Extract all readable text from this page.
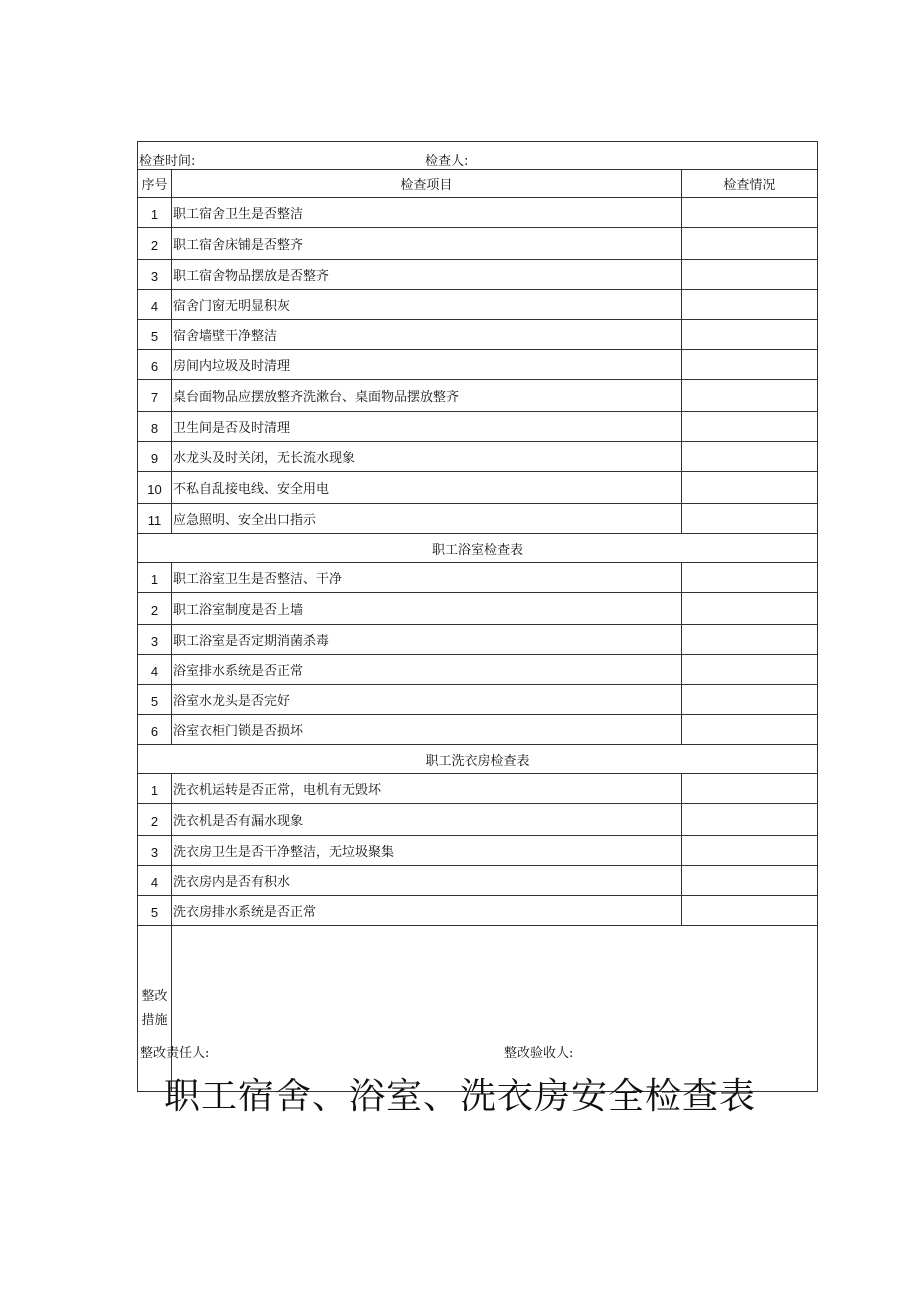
检查时间: 检查人:		

序号	检查项目	检查情况
1	职工宿舍卫生是否整洁	
2	职工宿舍床铺是否整齐	
3	职工宿舍物品摆放是否整齐	
4	宿舍门窗无明显积灰	
5	宿舍墙壁干净整洁	
6	房间内垃圾及时清理	
7	桌台面物品应摆放整齐洗漱台、桌面物品摆放整齐	
8	卫生间是否及时清理	
9	水龙头及时关闭，无长流水现象	
10	不私自乱接电线、安全用电	
11	应急照明、安全出口指示	
职工浴室检查表		
1	职工浴室卫生是否整洁、干净	
2	职工浴室制度是否上墙	
3	职工浴室是否定期消菌杀毒	
4	浴室排水系统是否正常	
5	浴室水龙头是否完好	
6	浴室衣柜门锁是否损坏	
职工洗衣房检查表		
1	洗衣机运转是否正常，电机有无毁坏	
2	洗衣机是否有漏水现象	
3	洗衣房卫生是否干净整洁，无垃圾聚集	
4	洗衣房内是否有积水	
5	洗衣房排水系统是否正常	
整改
措施		
整改责任人:	整改验收人:
职工宿舍、浴室、洗衣房安全检查表
